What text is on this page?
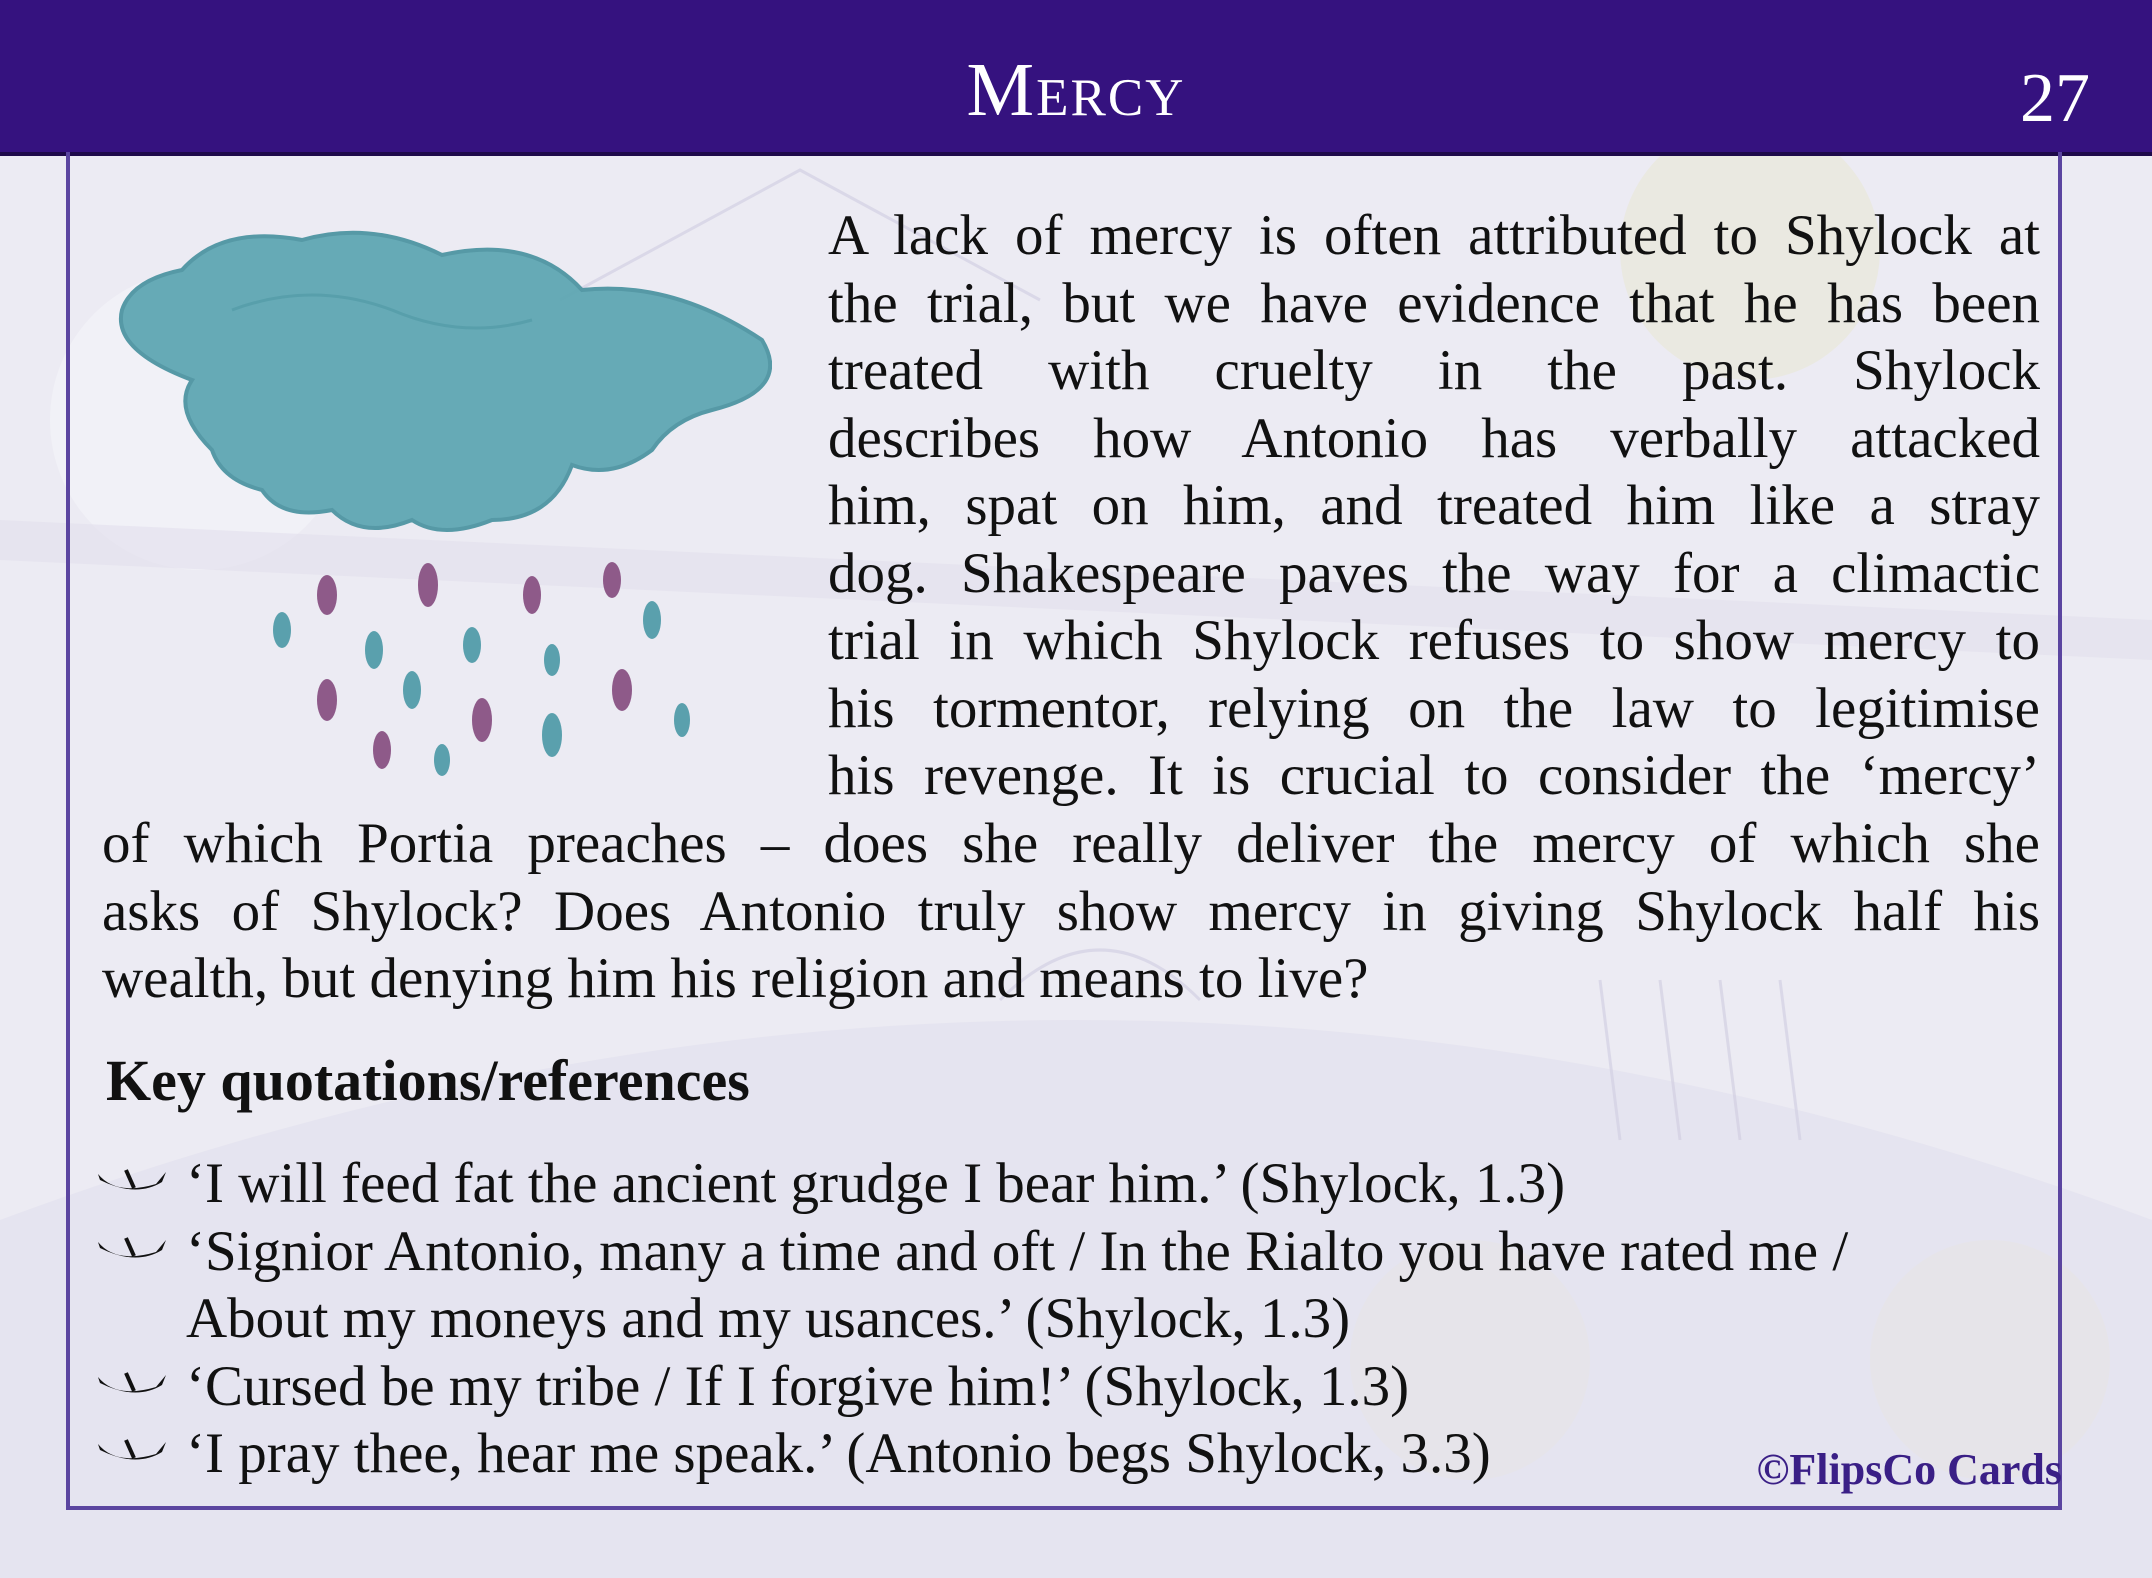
Mercy	27
A lack of mercy is often attributed to Shylock at
the trial, but we have evidence that he has been
treated with cruelty in the past. Shylock
describes how Antonio has verbally attacked
him, spat on him, and treated him like a stray
dog. Shakespeare paves the way for a climactic
trial in which Shylock refuses to show mercy to
his tormentor, relying on the law to legitimise
his revenge. It is crucial to consider the ‘mercy’
of which Portia preaches – does she really deliver the mercy of which she
asks of Shylock? Does Antonio truly show mercy in giving Shylock half his
wealth, but denying him his religion and means to live?
Key quotations/references
‘I will feed fat the ancient grudge I bear him.’ (Shylock, 1.3)
‘Signior Antonio, many a time and oft / In the Rialto you have rated me /
About my moneys and my usances.’ (Shylock, 1.3)
‘Cursed be my tribe / If I forgive him!’ (Shylock, 1.3)
‘I pray thee, hear me speak.’ (Antonio begs Shylock, 3.3)	©FlipsCo Cards
